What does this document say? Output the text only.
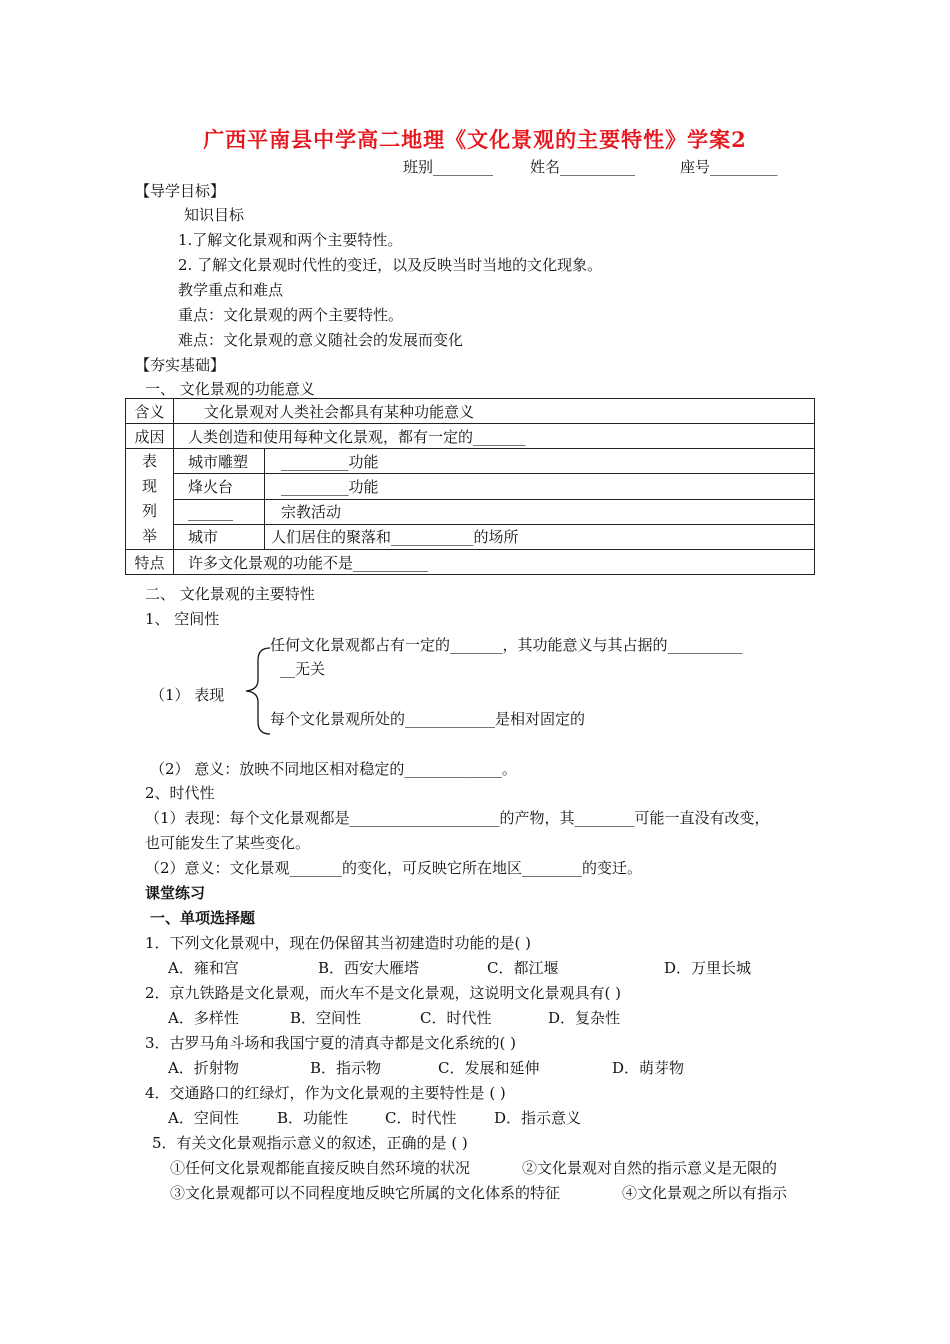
广西平南县中学高二地理《文化景观的主要特性》学案2
班别________ 姓名__________	座号_________
【导学目标】
知识目标
1.了解文化景观和两个主要特性。
2. 了解文化景观时代性的变迁，以及反映当时当地的文化现象。
教学重点和难点
重点：文化景观的两个主要特性。
难点：文化景观的意义随社会的发展而变化
【夯实基础】
一、 文化景观的功能意义
含义	文化景观对人类社会都具有某种功能意义	
成因	人类创造和使用每种文化景观，都有一定的_______	

表
现
列
举	城市雕塑	_________功能
	烽火台	_________功能
	______	宗教活动
	城市	人们居住的聚落和___________的场所
特点	许多文化景观的功能不是__________	
二、 文化景观的主要特性
1、 空间性
任何文化景观都占有一定的_______，其功能意义与其占据的__________
__无关
（1） 表现
每个文化景观所处的____________是相对固定的
（2） 意义：放映不同地区相对稳定的_____________。
2、时代性
（1）表现：每个文化景观都是____________________的产物，其________可能一直没有改变，
也可能发生了某些变化。
（2）意义：文化景观_______的变化，可反映它所在地区________的变迁。
课堂练习
一、单项选择题
1．下列文化景观中，现在仍保留其当初建造时功能的是( )
A．雍和宫	B．西安大雁塔	C．都江堰	D．万里长城
2．京九铁路是文化景观，而火车不是文化景观，这说明文化景观具有( )
A．多样性	B．空间性	C．时代性	D．复杂性
3．古罗马角斗场和我国宁夏的清真寺都是文化系统的( )
A．折射物	B．指示物	C．发展和延伸	D．萌芽物
4．交通路口的红绿灯，作为文化景观的主要特性是 ( )
A．空间性	B．功能性 C．时代性	D．指示意义
5．有关文化景观指示意义的叙述，正确的是 ( )
①任何文化景观都能直接反映自然环境的状况	②文化景观对自然的指示意义是无限的
③文化景观都可以不同程度地反映它所属的文化体系的特征	④文化景观之所以有指示
